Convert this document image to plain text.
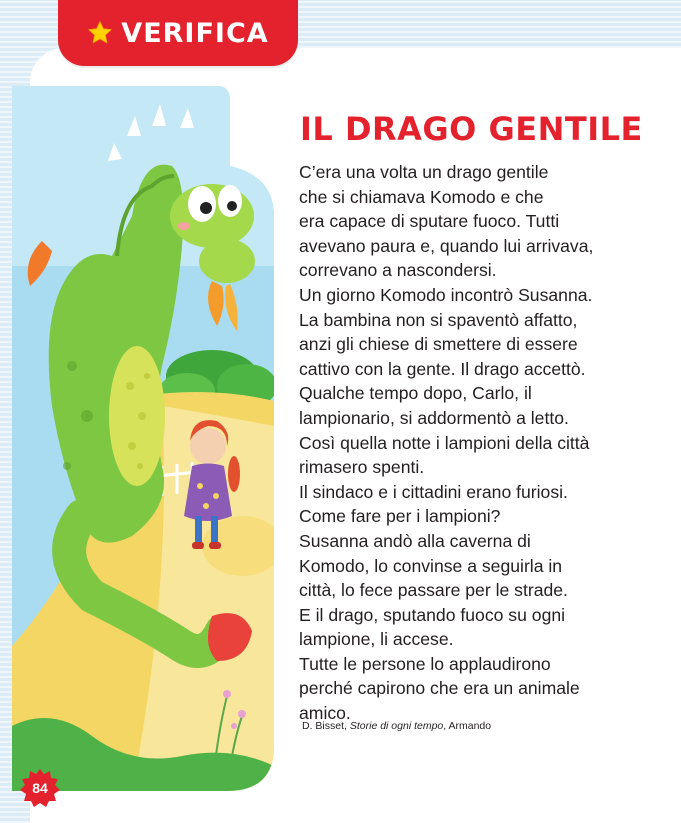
VERIFICA
IL DRAGO GENTILE
C’era una volta un drago gentile
che si chiamava Komodo e che
era capace di sputare fuoco. Tutti
avevano paura e, quando lui arrivava,
correvano a nascondersi.
Un giorno Komodo incontrò Susanna.
La bambina non si spaventò affatto,
anzi gli chiese di smettere di essere
cattivo con la gente. Il drago accettò.
Qualche tempo dopo, Carlo, il
lampionario, si addormentò a letto.
Così quella notte i lampioni della città
rimasero spenti.
Il sindaco e i cittadini erano furiosi.
Come fare per i lampioni?
Susanna andò alla caverna di
Komodo, lo convinse a seguirla in
città, lo fece passare per le strade.
E il drago, sputando fuoco su ogni
lampione, li accese.
Tutte le persone lo applaudirono
perché capirono che era un animale
amico.
D. Bisset, Storie di ogni tempo, Armando
84
